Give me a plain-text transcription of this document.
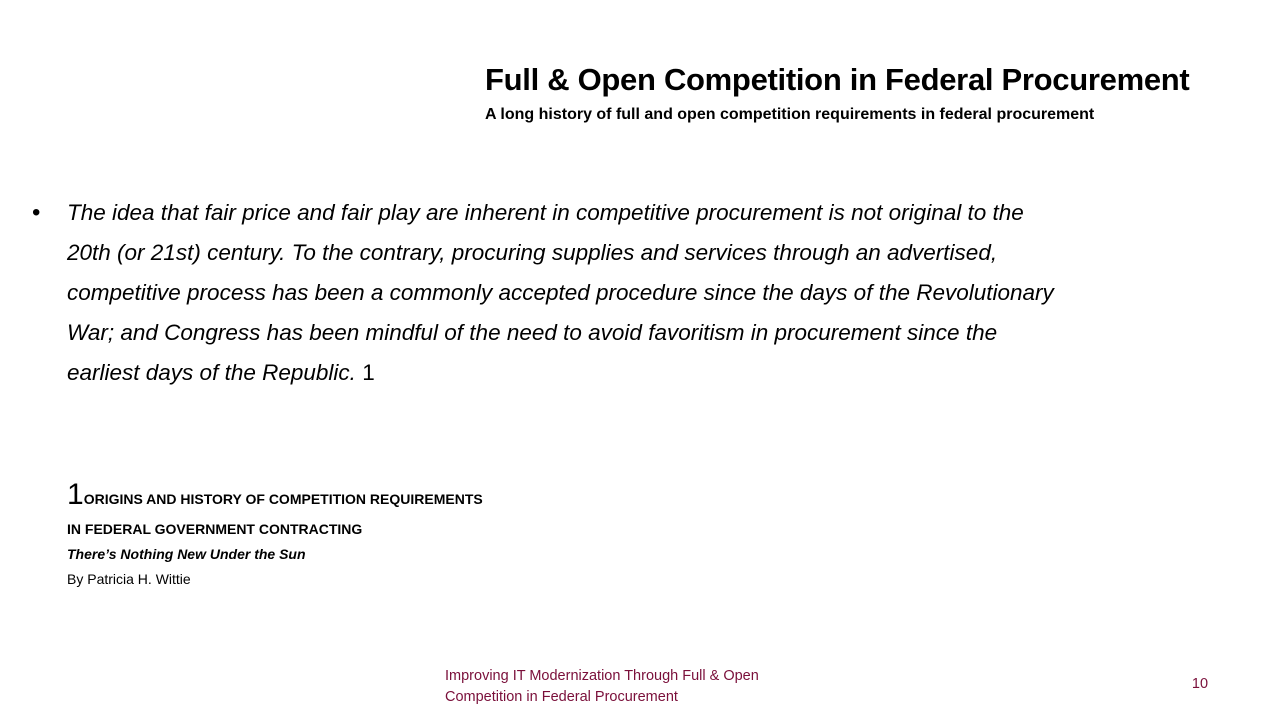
Full & Open Competition in Federal Procurement
A long history of full and open competition requirements in federal procurement
•	The idea that fair price and fair play are inherent in competitive procurement is not original to the 20th (or 21st) century. To the contrary, procuring supplies and services through an advertised, competitive process has been a commonly accepted procedure since the days of the Revolutionary War; and Congress has been mindful of the need to avoid favoritism in procurement since the earliest days of the Republic. 1
1 ORIGINS AND HISTORY OF COMPETITION REQUIREMENTS
IN FEDERAL GOVERNMENT CONTRACTING
There’s Nothing New Under the Sun
By Patricia H. Wittie
Improving IT Modernization Through Full & Open Competition in Federal Procurement
10
